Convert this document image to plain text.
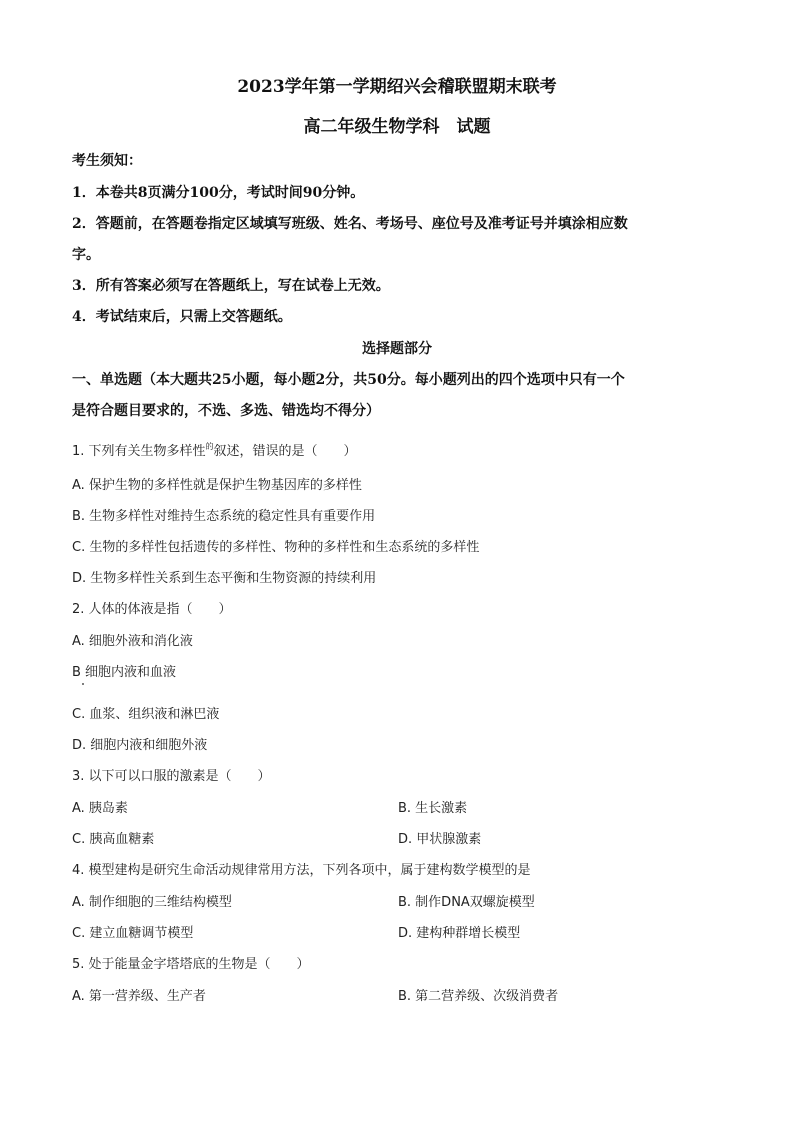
2023学年第一学期绍兴会稽联盟期末联考
高二年级生物学科　试题
考生须知：
1．本卷共8页满分100分，考试时间90分钟。
2．答题前，在答题卷指定区域填写班级、姓名、考场号、座位号及准考证号并填涂相应数
字。
3．所有答案必须写在答题纸上，写在试卷上无效。
4．考试结束后，只需上交答题纸。
选择题部分
一、单选题（本大题共25小题，每小题2分，共50分。每小题列出的四个选项中只有一个
是符合题目要求的，不选、多选、错选均不得分）
1. 下列有关生物多样性$^的$叙述，错误的是（　　）
A. 保护生物的多样性就是保护生物基因库的多样性
B. 生物多样性对维持生态系统的稳定性具有重要作用
C. 生物的多样性包括遗传的多样性、物种的多样性和生态系统的多样性
D. 生物多样性关系到生态平衡和生物资源的持续利用
2. 人体的体液是指（　　）
A. 细胞外液和消化液
B 细胞内液和血液
C. 血浆、组织液和淋巴液
D. 细胞内液和细胞外液
3. 以下可以口服的激素是（　　）
A. 胰岛素	B. 生长激素
C. 胰高血糖素	D. 甲状腺激素
4. 模型建构是研究生命活动规律常用方法，下列各项中，属于建构数学模型的是
A. 制作细胞的三维结构模型	B. 制作DNA双螺旋模型
C. 建立血糖调节模型	D. 建构种群增长模型
5. 处于能量金字塔塔底的生物是（　　）
A. 第一营养级、生产者	B. 第二营养级、次级消费者
